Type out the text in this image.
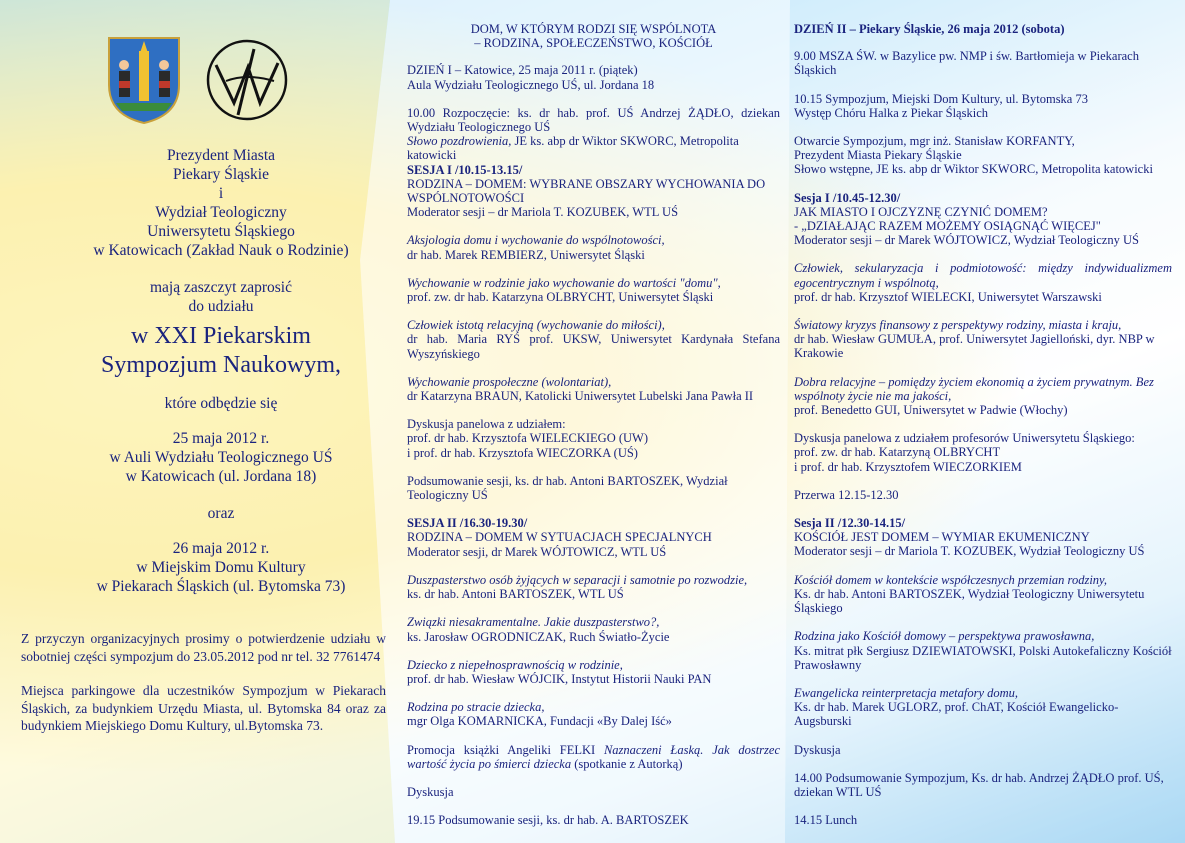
Prezydent Miasta
Piekary Śląskie
i
Wydział Teologiczny
Uniwersytetu Śląskiego
w Katowicach (Zakład Nauk o Rodzinie)
mają zaszczyt zaprosić
do udziału
w XXI Piekarskim
Sympozjum Naukowym,
które odbędzie się
25 maja 2012 r.
w Auli Wydziału Teologicznego UŚ
w Katowicach (ul. Jordana 18)
oraz
26 maja 2012 r.
w Miejskim Domu Kultury
w Piekarach Śląskich (ul. Bytomska 73)

Z przyczyn organizacyjnych prosimy o potwierdzenie udziału w sobotniej części sympozjum do 23.05.2012 pod nr tel. 32 7761474

Miejsca parkingowe dla uczestników Sympozjum w Piekarach Śląskich, za budynkiem Urzędu Miasta, ul. Bytomska 84 oraz za budynkiem Miejskiego Domu Kultury, ul.Bytomska 73.

DOM, W KTÓRYM RODZI SIĘ WSPÓLNOTA
– RODZINA, SPOŁECZEŃSTWO, KOŚCIÓŁ
DZIEŃ I – Katowice, 25 maja 2011 r. (piątek)
Aula Wydziału Teologicznego UŚ, ul. Jordana 18

10.00 Rozpoczęcie: ks. dr hab. prof. UŚ Andrzej ŻĄDŁO, dziekan Wydziału Teologicznego UŚ

Słowo pozdrowienia, JE ks. abp dr Wiktor SKWORC, Metropolita katowicki

SESJA I /10.15-13.15/

RODZINA – DOMEM: WYBRANE OBSZARY WYCHOWANIA DO WSPÓLNOTOWOŚCI

Moderator sesji – dr Mariola T. KOZUBEK, WTL UŚ

Aksjologia domu i wychowanie do wspólnotowości,

dr hab. Marek REMBIERZ, Uniwersytet Śląski

Wychowanie w rodzinie jako wychowanie do wartości "domu",

prof. zw. dr hab. Katarzyna OLBRYCHT, Uniwersytet Śląski

Człowiek istotą relacyjną (wychowanie do miłości),

dr hab. Maria RYŚ prof. UKSW, Uniwersytet Kardynała Stefana Wyszyńskiego

Wychowanie prospołeczne (wolontariat),

dr Katarzyna BRAUN, Katolicki Uniwersytet Lubelski Jana Pawła II

Dyskusja panelowa z udziałem:

prof. dr hab. Krzysztofa WIELECKIEGO (UW)

i prof. dr hab. Krzysztofa WIECZORKA (UŚ)

Podsumowanie sesji, ks. dr hab. Antoni BARTOSZEK, Wydział Teologiczny UŚ

SESJA II /16.30-19.30/

RODZINA – DOMEM W SYTUACJACH SPECJALNYCH

Moderator sesji, dr Marek WÓJTOWICZ, WTL UŚ

Duszpasterstwo osób żyjących w separacji i samotnie po rozwodzie,

ks. dr hab. Antoni BARTOSZEK, WTL UŚ

Związki niesakramentalne. Jakie duszpasterstwo?,

ks. Jarosław OGRODNICZAK, Ruch Światło-Życie

Dziecko z niepełnosprawnością w rodzinie,

prof. dr hab. Wiesław WÓJCIK, Instytut Historii Nauki PAN

Rodzina po stracie dziecka,

mgr Olga KOMARNICKA, Fundacji «By Dalej Iść»

Promocja książki Angeliki FELKI Naznaczeni Łaską. Jak dostrzec wartość życia po śmierci dziecka (spotkanie z Autorką)

Dyskusja

19.15 Podsumowanie sesji, ks. dr hab. A. BARTOSZEK

DZIEŃ II – Piekary Śląskie, 26 maja 2012 (sobota)

9.00 MSZA ŚW. w Bazylice pw. NMP i św. Bartłomieja w Piekarach Śląskich

10.15 Sympozjum, Miejski Dom Kultury, ul. Bytomska 73

Występ Chóru Halka z Piekar Śląskich

Otwarcie Sympozjum, mgr inż. Stanisław KORFANTY,

Prezydent Miasta Piekary Śląskie

Słowo wstępne, JE ks. abp dr Wiktor SKWORC, Metropolita katowicki

Sesja I /10.45-12.30/

JAK MIASTO I OJCZYZNĘ CZYNIĆ DOMEM?

- „DZIAŁAJĄC RAZEM MOŻEMY OSIĄGNĄĆ WIĘCEJ"

Moderator sesji – dr Marek WÓJTOWICZ, Wydział Teologiczny UŚ

Człowiek, sekularyzacja i podmiotowość: między indywidualizmem egocentrycznym i wspólnotą,

prof. dr hab. Krzysztof WIELECKI, Uniwersytet Warszawski

Światowy kryzys finansowy z perspektywy rodziny, miasta i kraju,

dr hab. Wiesław GUMUŁA, prof. Uniwersytet Jagielloński, dyr. NBP w Krakowie

Dobra relacyjne – pomiędzy życiem ekonomią a życiem prywatnym. Bez wspólnoty życie nie ma jakości,

prof. Benedetto GUI, Uniwersytet w Padwie (Włochy)

Dyskusja panelowa z udziałem profesorów Uniwersytetu Śląskiego:

prof. zw. dr hab. Katarzyną OLBRYCHT

i prof. dr hab. Krzysztofem WIECZORKIEM

Przerwa 12.15-12.30

Sesja II /12.30-14.15/

KOŚCIÓŁ JEST DOMEM – WYMIAR EKUMENICZNY

Moderator sesji – dr Mariola T. KOZUBEK, Wydział Teologiczny UŚ

Kościół domem w kontekście współczesnych przemian rodziny,

Ks. dr hab. Antoni BARTOSZEK, Wydział Teologiczny Uniwersytetu Śląskiego

Rodzina jako Kościół domowy – perspektywa prawosławna,

Ks. mitrat płk Sergiusz DZIEWIATOWSKI, Polski Autokefaliczny Kościół Prawosławny

Ewangelicka reinterpretacja metafory domu,

Ks. dr hab. Marek UGLORZ, prof. ChAT, Kościół Ewangelicko-Augsburski

Dyskusja

14.00 Podsumowanie Sympozjum, Ks. dr hab. Andrzej ŻĄDŁO prof. UŚ, dziekan WTL UŚ

14.15 Lunch
